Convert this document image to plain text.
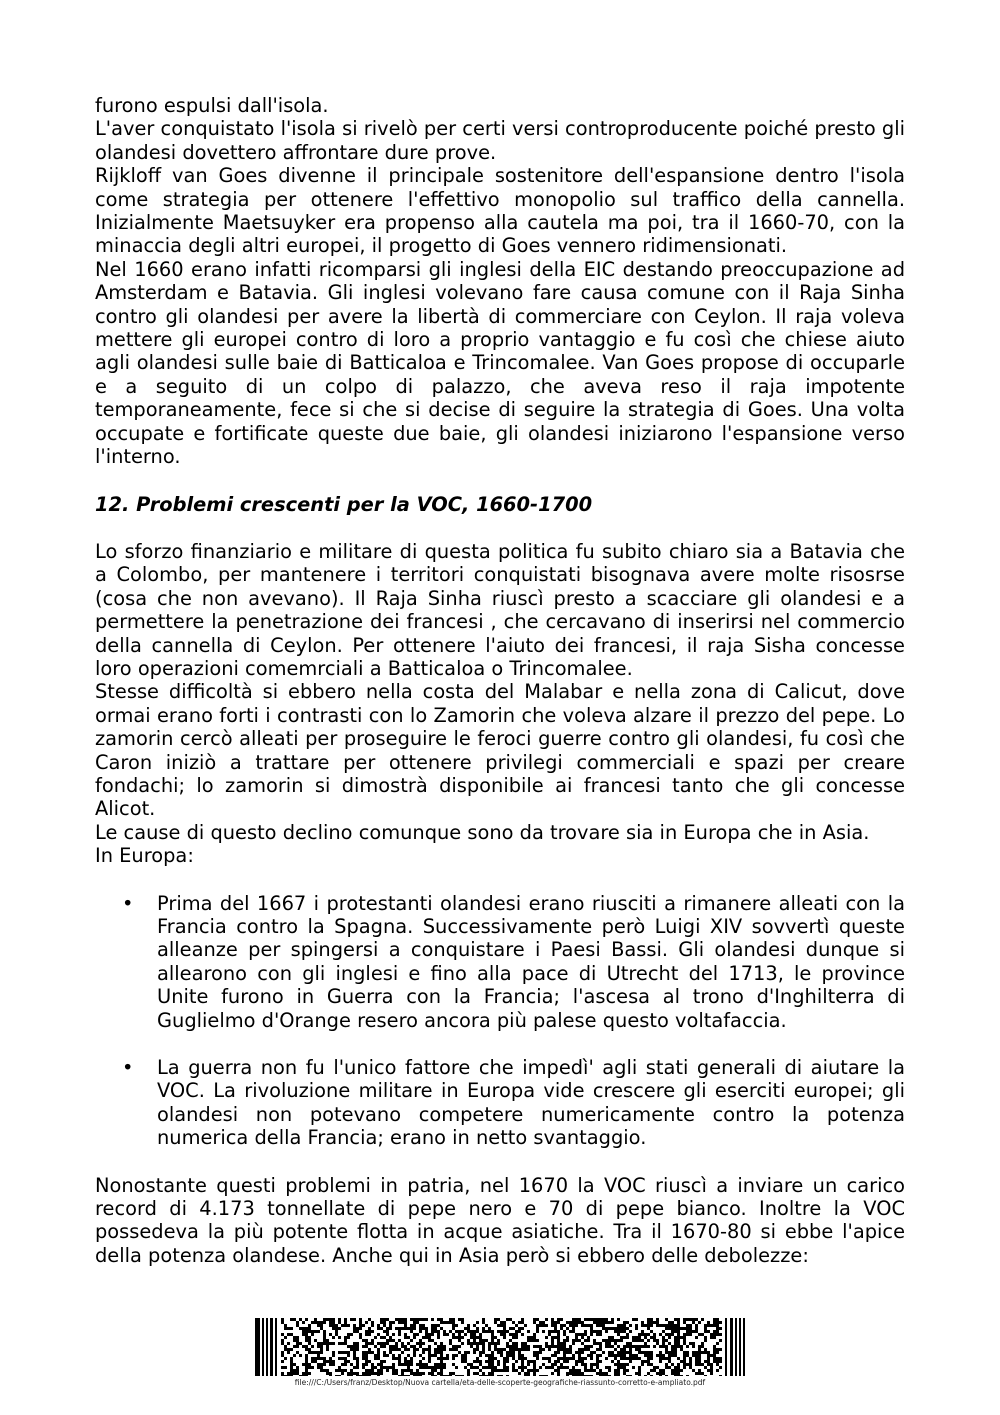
furono espulsi dall'isola.

L'aver conquistato l'isola si rivelò per certi versi controproducente poiché presto gli olandesi dovettero affrontare dure prove.

Rijkloff van Goes divenne il principale sostenitore dell'espansione dentro l'isola come strategia per ottenere l'effettivo monopolio sul traffico della cannella. Inizialmente Maetsuyker era propenso alla cautela ma poi, tra il 1660-70, con la minaccia degli altri europei, il progetto di Goes vennero ridimensionati.

Nel 1660 erano infatti ricomparsi gli inglesi della EIC destando preoccupazione ad Amsterdam e Batavia. Gli inglesi volevano fare causa comune con il Raja Sinha contro gli olandesi per avere la libertà di commerciare con Ceylon. Il raja voleva mettere gli europei contro di loro a proprio vantaggio e fu così che chiese aiuto agli olandesi sulle baie di Batticaloa e Trincomalee. Van Goes propose di occuparle e a seguito di un colpo di palazzo, che aveva reso il raja impotente temporaneamente, fece si che si decise di seguire la strategia di Goes. Una volta occupate e fortificate queste due baie, gli olandesi iniziarono l'espansione verso l'interno.

12. Problemi crescenti per la VOC, 1660-1700

Lo sforzo finanziario e militare di questa politica fu subito chiaro sia a Batavia che a Colombo, per mantenere i territori conquistati bisognava avere molte risosrse (cosa che non avevano). Il Raja Sinha riuscì presto a scacciare gli olandesi e a permettere la penetrazione dei francesi , che cercavano di inserirsi nel commercio della cannella di Ceylon. Per ottenere l'aiuto dei francesi, il raja Sisha concesse loro operazioni comemrciali a Batticaloa o Trincomalee.

Stesse difficoltà si ebbero nella costa del Malabar e nella zona di Calicut, dove ormai erano forti i contrasti con lo Zamorin che voleva alzare il prezzo del pepe. Lo zamorin cercò alleati per proseguire le feroci guerre contro gli olandesi, fu così che Caron iniziò a trattare per ottenere privilegi commerciali e spazi per creare fondachi; lo zamorin si dimostrà disponibile ai francesi tanto che gli concesse Alicot.

Le cause di questo declino comunque sono da trovare sia in Europa che in Asia.

In Europa:

• Prima del 1667 i protestanti olandesi erano riusciti a rimanere alleati con la Francia contro la Spagna. Successivamente però Luigi XIV sovvertì queste alleanze per spingersi a conquistare i Paesi Bassi. Gli olandesi dunque si allearono con gli inglesi e fino alla pace di Utrecht del 1713, le province Unite furono in Guerra con la Francia; l'ascesa al trono d'Inghilterra di Guglielmo d'Orange resero ancora più palese questo voltafaccia.
• La guerra non fu l'unico fattore che impedì' agli stati generali di aiutare la VOC. La rivoluzione militare in Europa vide crescere gli eserciti europei; gli olandesi non potevano competere numericamente contro la potenza numerica della Francia; erano in netto svantaggio.

Nonostante questi problemi in patria, nel 1670 la VOC riuscì a inviare un carico record di 4.173 tonnellate di pepe nero e 70 di pepe bianco. Inoltre la VOC possedeva la più potente flotta in acque asiatiche. Tra il 1670-80 si ebbe l'apice della potenza olandese. Anche qui in Asia però si ebbero delle debolezze:

file:///C:/Users/franz/Desktop/Nuova cartella/eta-delle-scoperte-geografiche-riassunto-corretto-e-ampliato.pdf
